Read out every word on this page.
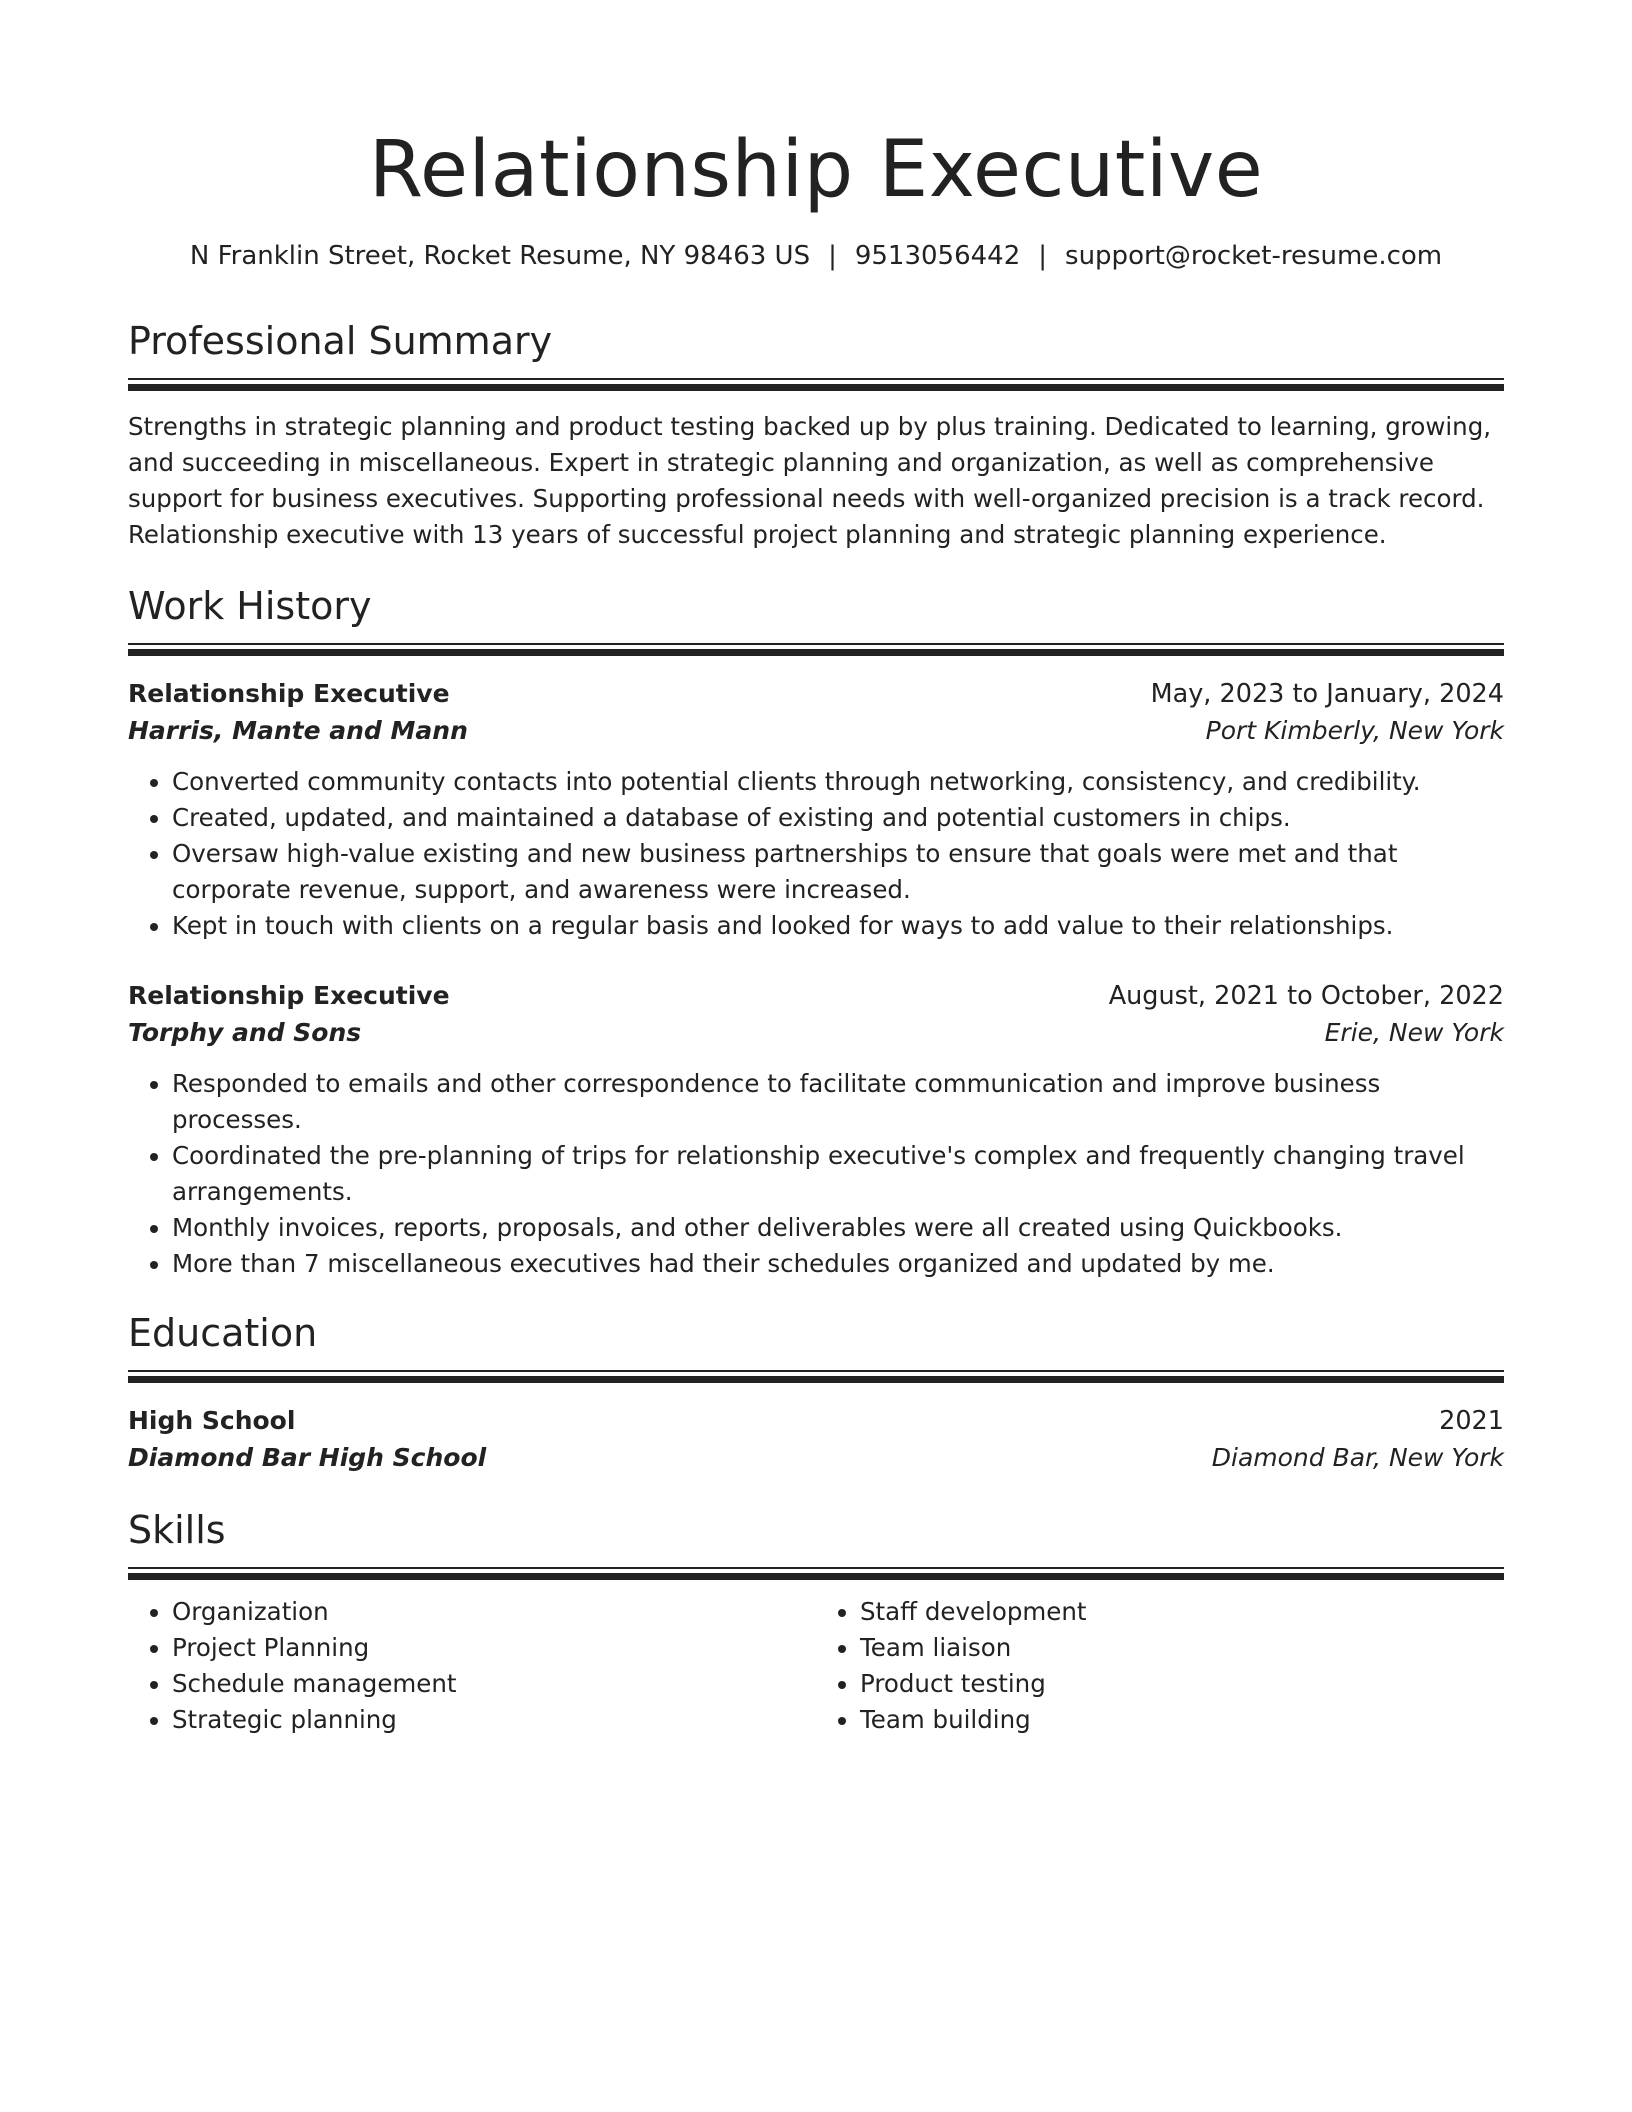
Relationship Executive
N Franklin Street, Rocket Resume, NY 98463 US | 9513056442 | support@rocket-resume.com
Professional Summary

Strengths in strategic planning and product testing backed up by plus training. Dedicated to learning, growing, and succeeding in miscellaneous. Expert in strategic planning and organization, as well as comprehensive support for business executives. Supporting professional needs with well-organized precision is a track record. Relationship executive with 13 years of successful project planning and strategic planning experience.

Work History
Relationship Executive	May, 2023 to January, 2024
Harris, Mante and Mann	Port Kimberly, New York
• Converted community contacts into potential clients through networking, consistency, and credibility.
• Created, updated, and maintained a database of existing and potential customers in chips.
• Oversaw high-value existing and new business partnerships to ensure that goals were met and that corporate revenue, support, and awareness were increased.
• Kept in touch with clients on a regular basis and looked for ways to add value to their relationships.
Relationship Executive	August, 2021 to October, 2022
Torphy and Sons	Erie, New York
• Responded to emails and other correspondence to facilitate communication and improve business processes.
• Coordinated the pre-planning of trips for relationship executive's complex and frequently changing travel arrangements.
• Monthly invoices, reports, proposals, and other deliverables were all created using Quickbooks.
• More than 7 miscellaneous executives had their schedules organized and updated by me.
Education
High School	2021
Diamond Bar High School	Diamond Bar, New York
Skills
• Organization
• Project Planning
• Schedule management
• Strategic planning
• Staff development
• Team liaison
• Product testing
• Team building
